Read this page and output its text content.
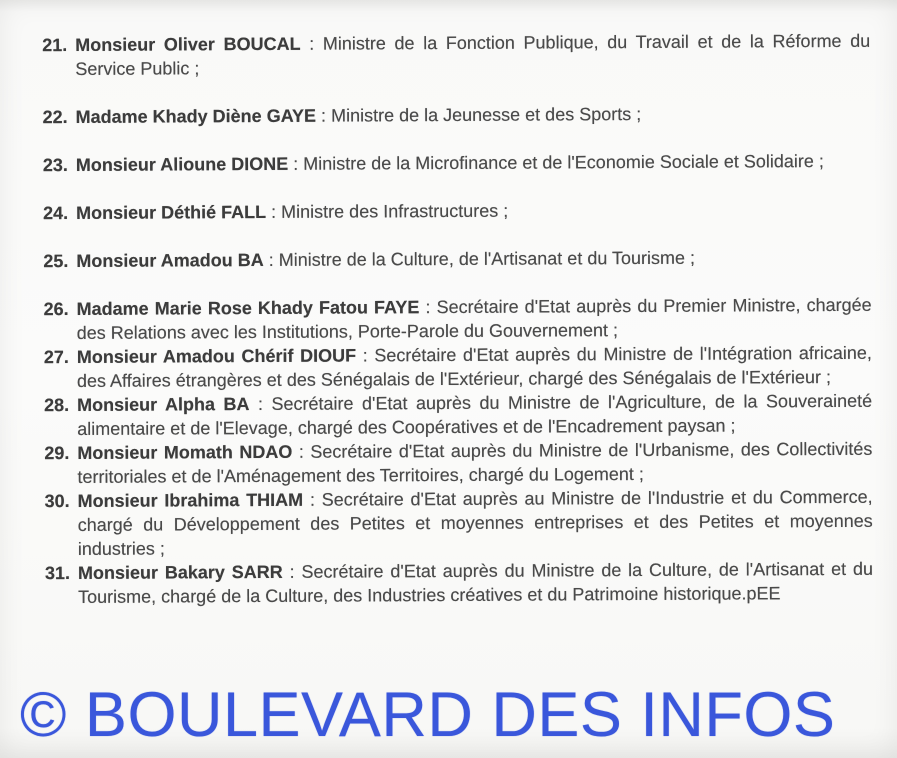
21. Monsieur Oliver BOUCAL : Ministre de la Fonction Publique, du Travail et de la Réforme du Service Public ;
22. Madame Khady Diène GAYE : Ministre de la Jeunesse et des Sports ;
23. Monsieur Alioune DIONE : Ministre de la Microfinance et de l'Economie Sociale et Solidaire ;
24. Monsieur Déthié FALL : Ministre des Infrastructures ;
25. Monsieur Amadou BA : Ministre de la Culture, de l'Artisanat et du Tourisme ;
26. Madame Marie Rose Khady Fatou FAYE : Secrétaire d'Etat auprès du Premier Ministre, chargée des Relations avec les Institutions, Porte-Parole du Gouvernement ;
27. Monsieur Amadou Chérif DIOUF : Secrétaire d'Etat auprès du Ministre de l'Intégration africaine, des Affaires étrangères et des Sénégalais de l'Extérieur, chargé des Sénégalais de l'Extérieur ;
28. Monsieur Alpha BA : Secrétaire d'Etat auprès du Ministre de l'Agriculture, de la Souveraineté alimentaire et de l'Elevage, chargé des Coopératives et de l'Encadrement paysan ;
29. Monsieur Momath NDAO : Secrétaire d'Etat auprès du Ministre de l'Urbanisme, des Collectivités territoriales et de l'Aménagement des Territoires, chargé du Logement ;
30. Monsieur Ibrahima THIAM : Secrétaire d'Etat auprès au Ministre de l'Industrie et du Commerce, chargé du Développement des Petites et moyennes entreprises et des Petites et moyennes industries ;
31. Monsieur Bakary SARR : Secrétaire d'Etat auprès du Ministre de la Culture, de l'Artisanat et du Tourisme, chargé de la Culture, des Industries créatives et du Patrimoine historique.pEE
© BOULEVARD DES INFOS
